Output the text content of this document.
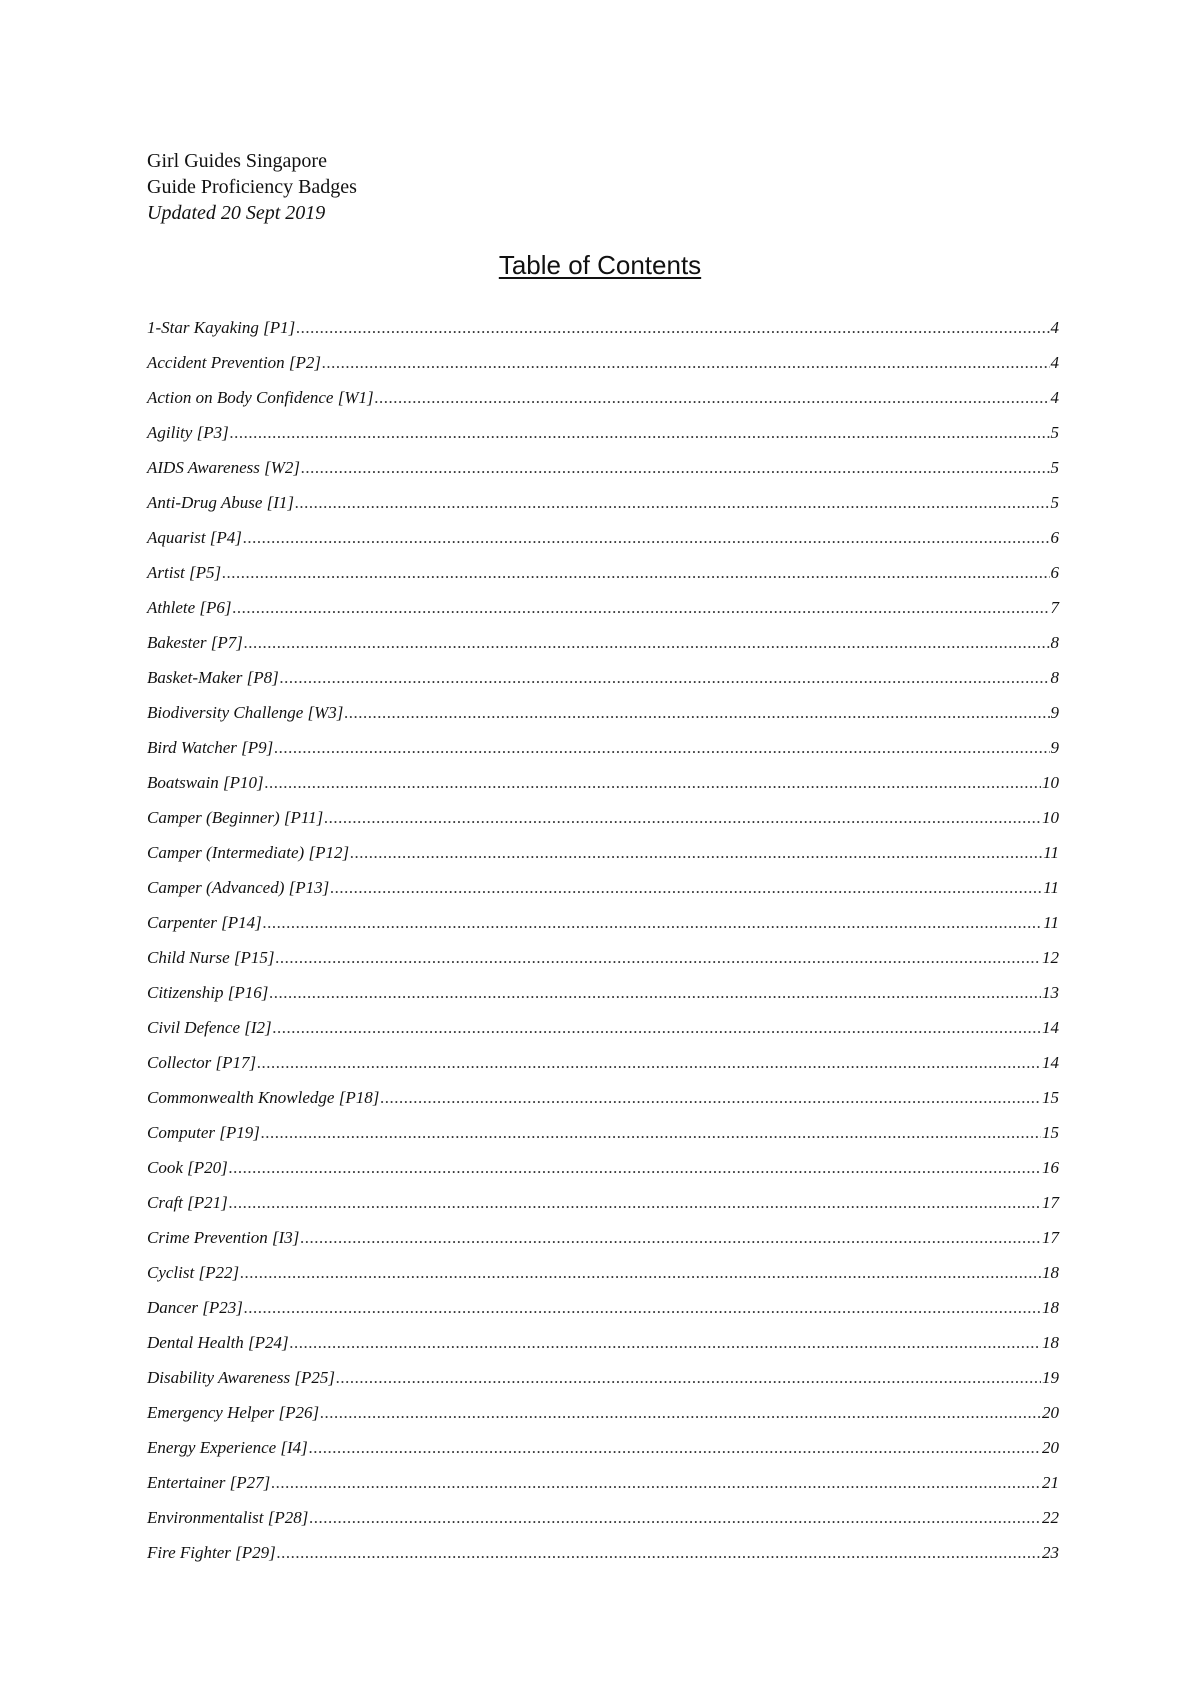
Girl Guides Singapore
Guide Proficiency Badges
Updated 20 Sept 2019
Table of Contents
1-Star Kayaking [P1] .....	4
Accident Prevention [P2] .....	4
Action on Body Confidence [W1] .....	4
Agility [P3] .....	5
AIDS Awareness [W2] .....	5
Anti-Drug Abuse [I1] .....	5
Aquarist [P4] .....	6
Artist [P5] .....	6
Athlete [P6] .....	7
Bakester [P7] .....	8
Basket-Maker [P8] .....	8
Biodiversity Challenge [W3] .....	9
Bird Watcher [P9] .....	9
Boatswain [P10] .....	10
Camper (Beginner) [P11] .....	10
Camper (Intermediate) [P12] .....	11
Camper (Advanced) [P13] .....	11
Carpenter [P14] .....	11
Child Nurse [P15] .....	12
Citizenship [P16] .....	13
Civil Defence [I2] .....	14
Collector [P17] .....	14
Commonwealth Knowledge [P18] .....	15
Computer [P19] .....	15
Cook [P20] .....	16
Craft [P21] .....	17
Crime Prevention [I3] .....	17
Cyclist [P22] .....	18
Dancer [P23] .....	18
Dental Health [P24] .....	18
Disability Awareness [P25] .....	19
Emergency Helper [P26] .....	20
Energy Experience [I4] .....	20
Entertainer [P27] .....	21
Environmentalist [P28] .....	22
Fire Fighter [P29] .....	23
